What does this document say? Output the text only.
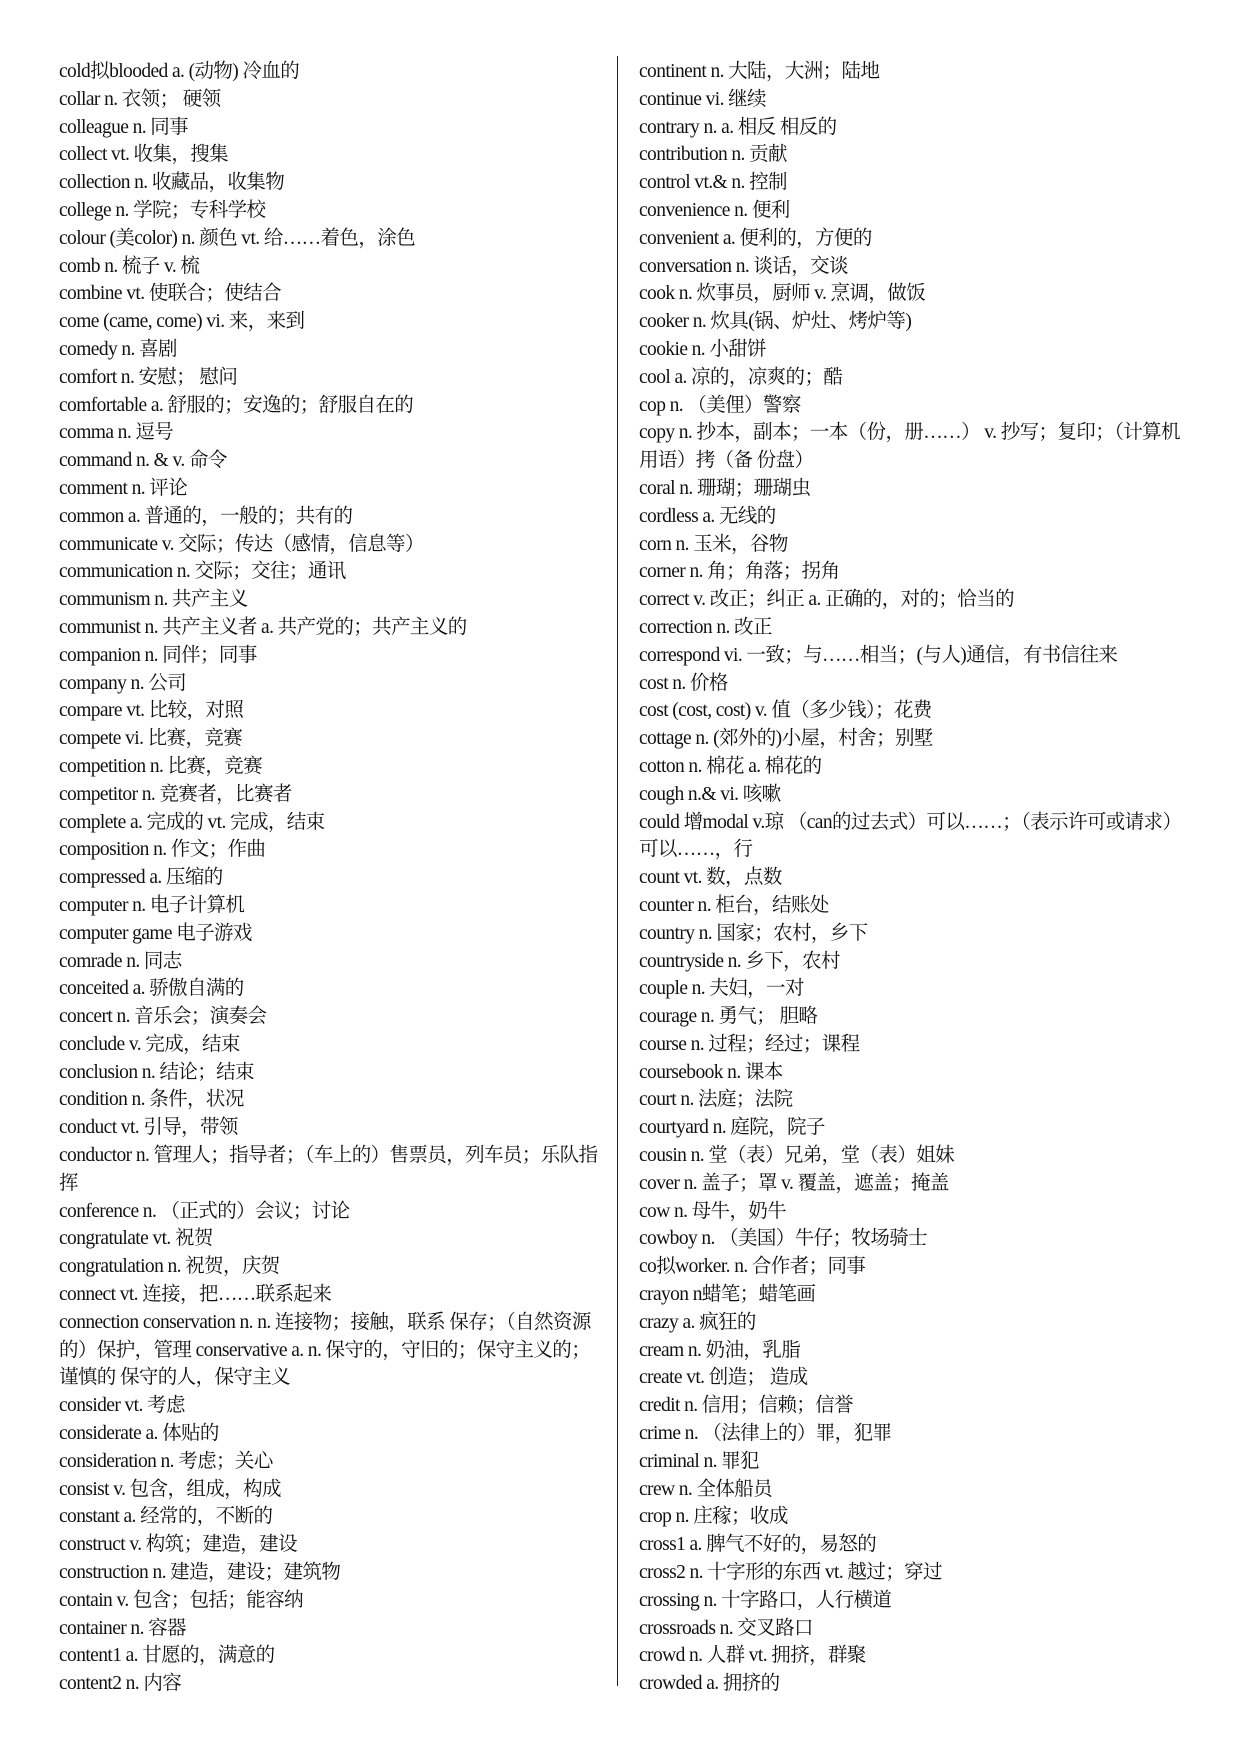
cold拟blooded a. (动物) 冷血的

collar n. 衣领； 硬领

colleague n. 同事

collect vt. 收集，搜集

collection n. 收藏品，收集物

college n. 学院；专科学校

colour (美color) n. 颜色 vt. 给……着色，涂色

comb n. 梳子 v. 梳

combine vt. 使联合；使结合

come (came, come) vi. 来，来到

comedy n. 喜剧

comfort n. 安慰； 慰问

comfortable a. 舒服的；安逸的；舒服自在的

comma n. 逗号

command n. & v. 命令

comment n. 评论

common a. 普通的，一般的；共有的

communicate v. 交际；传达（感情，信息等）

communication n. 交际；交往；通讯

communism n. 共产主义

communist n. 共产主义者 a. 共产党的；共产主义的

companion n. 同伴；同事

company n. 公司

compare vt. 比较，对照

compete vi. 比赛，竞赛

competition n. 比赛，竞赛

competitor n. 竞赛者，比赛者

complete a. 完成的 vt. 完成，结束

composition n. 作文；作曲

compressed a. 压缩的

computer n. 电子计算机

computer game 电子游戏

comrade n. 同志

conceited a. 骄傲自满的

concert n. 音乐会；演奏会

conclude v. 完成，结束

conclusion n. 结论；结束

condition n. 条件，状况

conduct vt. 引导，带领

conductor n. 管理人；指导者；（车上的）售票员，列车员；乐队指挥

conference n. （正式的）会议；讨论

congratulate vt. 祝贺

congratulation n. 祝贺，庆贺

connect vt. 连接，把……联系起来

connection conservation n. n. 连接物；接触，联系 保存；（自然资源的）保护，管理 conservative a. n. 保守的，守旧的；保守主义的；谨慎的 保守的人，保守主义

consider vt. 考虑

considerate a. 体贴的

consideration n. 考虑；关心

consist v. 包含，组成，构成

constant a. 经常的，不断的

construct v. 构筑；建造，建设

construction n. 建造，建设；建筑物

contain v. 包含；包括；能容纳

container n. 容器

content1 a. 甘愿的，满意的

content2 n. 内容

continent n. 大陆，大洲；陆地

continue vi. 继续

contrary n. a. 相反 相反的

contribution n. 贡献

control vt.& n. 控制

convenience n. 便利

convenient a. 便利的，方便的

conversation n. 谈话，交谈

cook n. 炊事员，厨师 v. 烹调，做饭

cooker n. 炊具(锅、炉灶、烤炉等)

cookie n. 小甜饼

cool a. 凉的，凉爽的；酷

cop n. （美俚）警察

copy n. 抄本，副本；一本（份，册……） v. 抄写；复印；（计算机用语）拷（备 份盘）

coral n. 珊瑚；珊瑚虫

cordless a. 无线的

corn n. 玉米，谷物

corner n. 角；角落；拐角

correct v. 改正；纠正 a. 正确的，对的；恰当的

correction n. 改正

correspond vi. 一致；与……相当；(与人)通信，有书信往来

cost n. 价格

cost (cost, cost) v. 值（多少钱）；花费

cottage n. (郊外的)小屋，村舍；别墅

cotton n. 棉花 a. 棉花的

cough n.& vi. 咳嗽

could 增modal v.琼 （can的过去式）可以……；（表示许可或请求）可以……，行

count vt. 数，点数

counter n. 柜台，结账处

country n. 国家；农村，乡下

countryside n. 乡下，农村

couple n. 夫妇，一对

courage n. 勇气； 胆略

course n. 过程；经过；课程

coursebook n. 课本

court n. 法庭；法院

courtyard n. 庭院，院子

cousin n. 堂（表）兄弟，堂（表）姐妹

cover n. 盖子；罩 v. 覆盖，遮盖；掩盖

cow n. 母牛，奶牛

cowboy n. （美国）牛仔；牧场骑士

co拟worker. n. 合作者；同事

crayon n蜡笔；蜡笔画

crazy a. 疯狂的

cream n. 奶油，乳脂

create vt. 创造； 造成

credit n. 信用；信赖；信誉

crime n. （法律上的）罪，犯罪

criminal n. 罪犯

crew n. 全体船员

crop n. 庄稼；收成

cross1 a. 脾气不好的，易怒的

cross2 n. 十字形的东西 vt. 越过；穿过

crossing n. 十字路口，人行横道

crossroads n. 交叉路口

crowd n. 人群 vt. 拥挤，群聚

crowded a. 拥挤的
